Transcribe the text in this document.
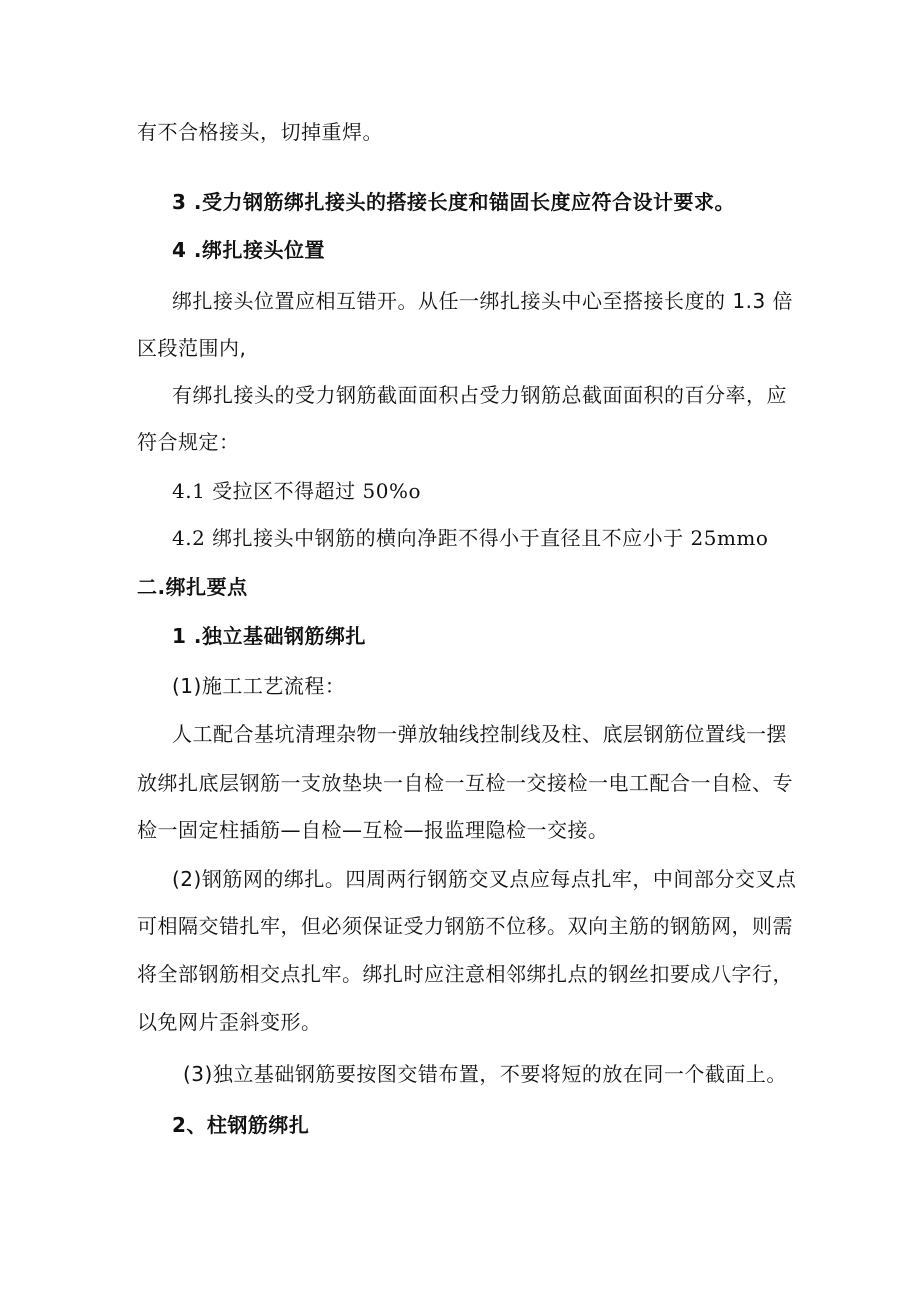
有不合格接头，切掉重焊。
3 .受力钢筋绑扎接头的搭接长度和锚固长度应符合设计要求。
4 .绑扎接头位置
绑扎接头位置应相互错开。从任一绑扎接头中心至搭接长度的 1.3 倍
区段范围内,
有绑扎接头的受力钢筋截面面积占受力钢筋总截面面积的百分率，应
符合规定：
4.1 受拉区不得超过 50%o
4.2 绑扎接头中钢筋的横向净距不得小于直径且不应小于 25mmo
二.绑扎要点
1 .独立基础钢筋绑扎
(1)施工工艺流程：
人工配合基坑清理杂物一弹放轴线控制线及柱、底层钢筋位置线一摆
放绑扎底层钢筋一支放垫块一自检一互检一交接检一电工配合一自检、专
检一固定柱插筋—自检—互检—报监理隐检一交接。
(2)钢筋网的绑扎。四周两行钢筋交叉点应每点扎牢，中间部分交叉点
可相隔交错扎牢，但必须保证受力钢筋不位移。双向主筋的钢筋网，则需
将全部钢筋相交点扎牢。绑扎时应注意相邻绑扎点的钢丝扣要成八字行，
以免网片歪斜变形。
(3)独立基础钢筋要按图交错布置，不要将短的放在同一个截面上。
2、柱钢筋绑扎
